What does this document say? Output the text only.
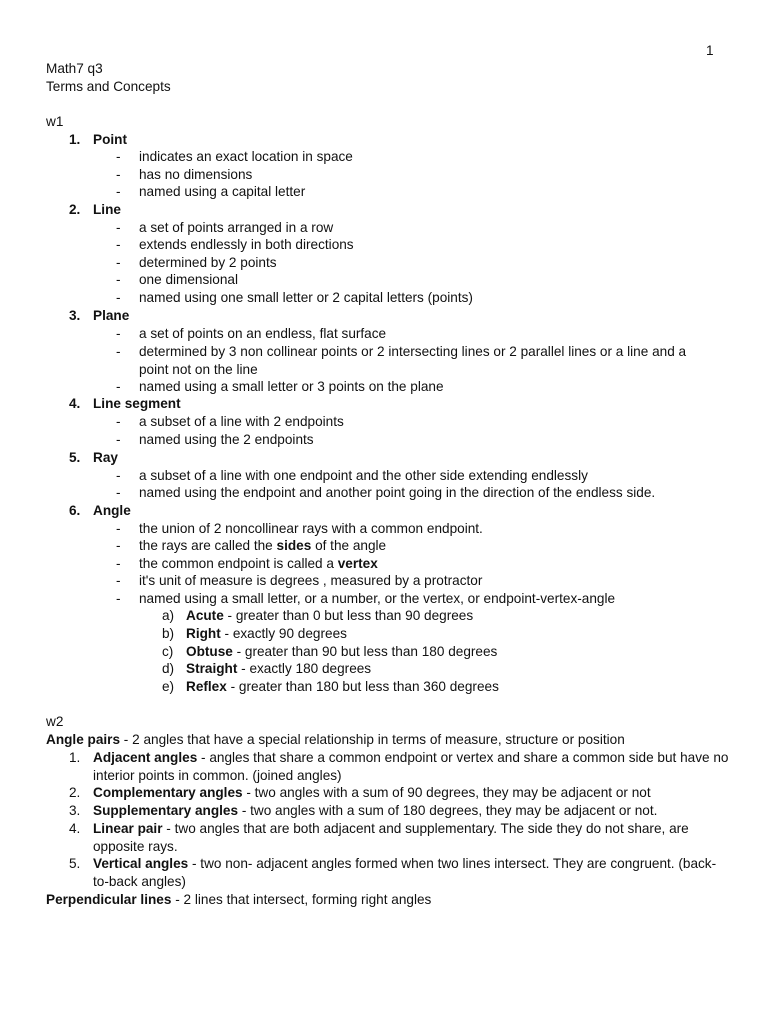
1
Math7 q3
Terms and Concepts
w1
1. Point
- indicates an exact location in space
- has no dimensions
- named using a capital letter
2. Line
- a set of points arranged in a row
- extends endlessly in both directions
- determined by 2 points
- one dimensional
- named using one small letter or 2 capital letters (points)
3. Plane
- a set of points on an endless, flat surface
- determined by 3 non collinear points or 2 intersecting lines or 2 parallel lines or a line and a point not on the line
- named using a small letter or 3 points on the plane
4. Line segment
- a subset of a line with 2 endpoints
- named using the 2 endpoints
5. Ray
- a subset of a line with one endpoint and the other side extending endlessly
- named using the endpoint and another point going in the direction of the endless side.
6. Angle
- the union of 2 noncollinear rays with a common endpoint.
- the rays are called the sides of the angle
- the common endpoint is called a vertex
- it's unit of measure is degrees , measured by a protractor
- named using a small letter, or a number, or the vertex, or endpoint-vertex-angle
a) Acute - greater than 0 but less than 90 degrees
b) Right - exactly 90 degrees
c) Obtuse - greater than 90 but less than 180 degrees
d) Straight - exactly 180 degrees
e) Reflex - greater than 180 but less than 360 degrees
w2
Angle pairs - 2 angles that have a special relationship in terms of measure, structure or position
1. Adjacent angles - angles that share a common endpoint or vertex and share a common side but have no interior points in common. (joined angles)
2. Complementary angles - two angles with a sum of 90 degrees, they may be adjacent or not
3. Supplementary angles - two angles with a sum of 180 degrees, they may be adjacent or not.
4. Linear pair - two angles that are both adjacent and supplementary. The side they do not share, are opposite rays.
5. Vertical angles - two non- adjacent angles formed when two lines intersect. They are congruent. (back-to-back angles)
Perpendicular lines - 2 lines that intersect, forming right angles
